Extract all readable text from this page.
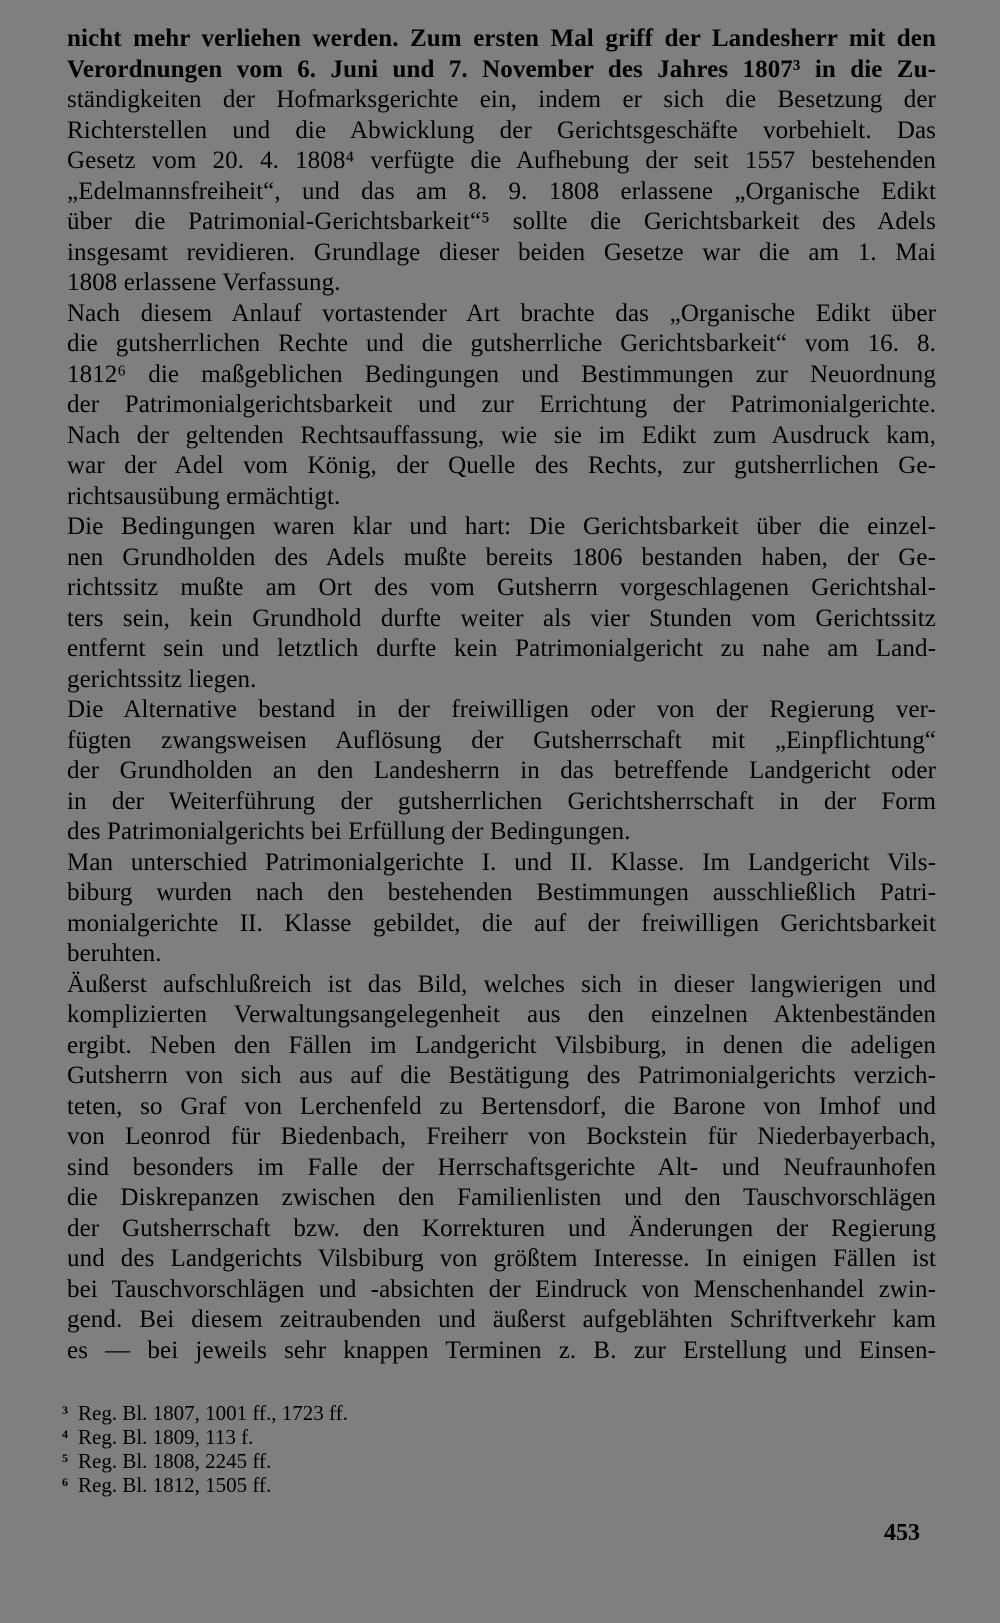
nicht mehr verliehen werden. Zum ersten Mal griff der Landesherr mit den
Verordnungen vom 6. Juni und 7. November des Jahres 1807³ in die Zu-
ständigkeiten der Hofmarksgerichte ein, indem er sich die Besetzung der
Richterstellen und die Abwicklung der Gerichtsgeschäfte vorbehielt. Das
Gesetz vom 20. 4. 1808⁴ verfügte die Aufhebung der seit 1557 bestehenden
„Edelmannsfreiheit“, und das am 8. 9. 1808 erlassene „Organische Edikt
über die Patrimonial-Gerichtsbarkeit“⁵ sollte die Gerichtsbarkeit des Adels
insgesamt revidieren. Grundlage dieser beiden Gesetze war die am 1. Mai
1808 erlassene Verfassung.
Nach diesem Anlauf vortastender Art brachte das „Organische Edikt über
die gutsherrlichen Rechte und die gutsherrliche Gerichtsbarkeit“ vom 16. 8.
1812⁶ die maßgeblichen Bedingungen und Bestimmungen zur Neuordnung
der Patrimonialgerichtsbarkeit und zur Errichtung der Patrimonialgerichte.
Nach der geltenden Rechtsauffassung, wie sie im Edikt zum Ausdruck kam,
war der Adel vom König, der Quelle des Rechts, zur gutsherrlichen Ge-
richtsausübung ermächtigt.
Die Bedingungen waren klar und hart: Die Gerichtsbarkeit über die einzel-
nen Grundholden des Adels mußte bereits 1806 bestanden haben, der Ge-
richtssitz mußte am Ort des vom Gutsherrn vorgeschlagenen Gerichtshal-
ters sein, kein Grundhold durfte weiter als vier Stunden vom Gerichtssitz
entfernt sein und letztlich durfte kein Patrimonialgericht zu nahe am Land-
gerichtssitz liegen.
Die Alternative bestand in der freiwilligen oder von der Regierung ver-
fügten zwangsweisen Auflösung der Gutsherrschaft mit „Einpflichtung“
der Grundholden an den Landesherrn in das betreffende Landgericht oder
in der Weiterführung der gutsherrlichen Gerichtsherrschaft in der Form
des Patrimonialgerichts bei Erfüllung der Bedingungen.
Man unterschied Patrimonialgerichte I. und II. Klasse. Im Landgericht Vils-
biburg wurden nach den bestehenden Bestimmungen ausschließlich Patri-
monialgerichte II. Klasse gebildet, die auf der freiwilligen Gerichtsbarkeit
beruhten.
Äußerst aufschlußreich ist das Bild, welches sich in dieser langwierigen und
komplizierten Verwaltungsangelegenheit aus den einzelnen Aktenbeständen
ergibt. Neben den Fällen im Landgericht Vilsbiburg, in denen die adeligen
Gutsherrn von sich aus auf die Bestätigung des Patrimonialgerichts verzich-
teten, so Graf von Lerchenfeld zu Bertensdorf, die Barone von Imhof und
von Leonrod für Biedenbach, Freiherr von Bockstein für Niederbayerbach,
sind besonders im Falle der Herrschaftsgerichte Alt- und Neufraunhofen
die Diskrepanzen zwischen den Familienlisten und den Tauschvorschlägen
der Gutsherrschaft bzw. den Korrekturen und Änderungen der Regierung
und des Landgerichts Vilsbiburg von größtem Interesse. In einigen Fällen ist
bei Tauschvorschlägen und -absichten der Eindruck von Menschenhandel zwin-
gend. Bei diesem zeitraubenden und äußerst aufgeblähten Schriftverkehr kam
es — bei jeweils sehr knappen Terminen z. B. zur Erstellung und Einsen-
3 Reg. Bl. 1807, 1001 ff., 1723 ff.
4 Reg. Bl. 1809, 113 f.
5 Reg. Bl. 1808, 2245 ff.
6 Reg. Bl. 1812, 1505 ff.
453
